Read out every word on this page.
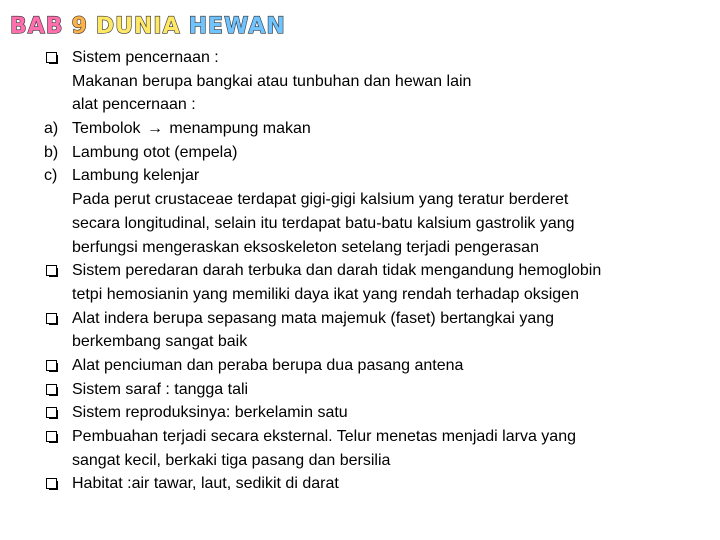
BAB 9 DUNIA HEWAN
Sistem pencernaan :
Makanan berupa bangkai atau tunbuhan dan hewan lain
alat pencernaan :
a) Tembolok → menampung makan
b) Lambung otot (empela)
c) Lambung kelenjar
Pada perut crustaceae terdapat gigi-gigi kalsium yang teratur berderet
secara longitudinal, selain itu terdapat batu-batu kalsium gastrolik yang
berfungsi mengeraskan eksoskeleton setelang terjadi pengerasan
Sistem peredaran darah terbuka dan darah tidak mengandung hemoglobin
tetpi hemosianin yang memiliki daya ikat yang rendah terhadap oksigen
Alat indera berupa sepasang mata majemuk (faset) bertangkai yang
berkembang sangat baik
Alat penciuman dan peraba berupa dua pasang antena
Sistem saraf : tangga tali
Sistem reproduksinya: berkelamin satu
Pembuahan terjadi secara eksternal. Telur menetas menjadi larva yang
sangat kecil, berkaki tiga pasang dan bersilia
Habitat :air tawar, laut, sedikit di darat
